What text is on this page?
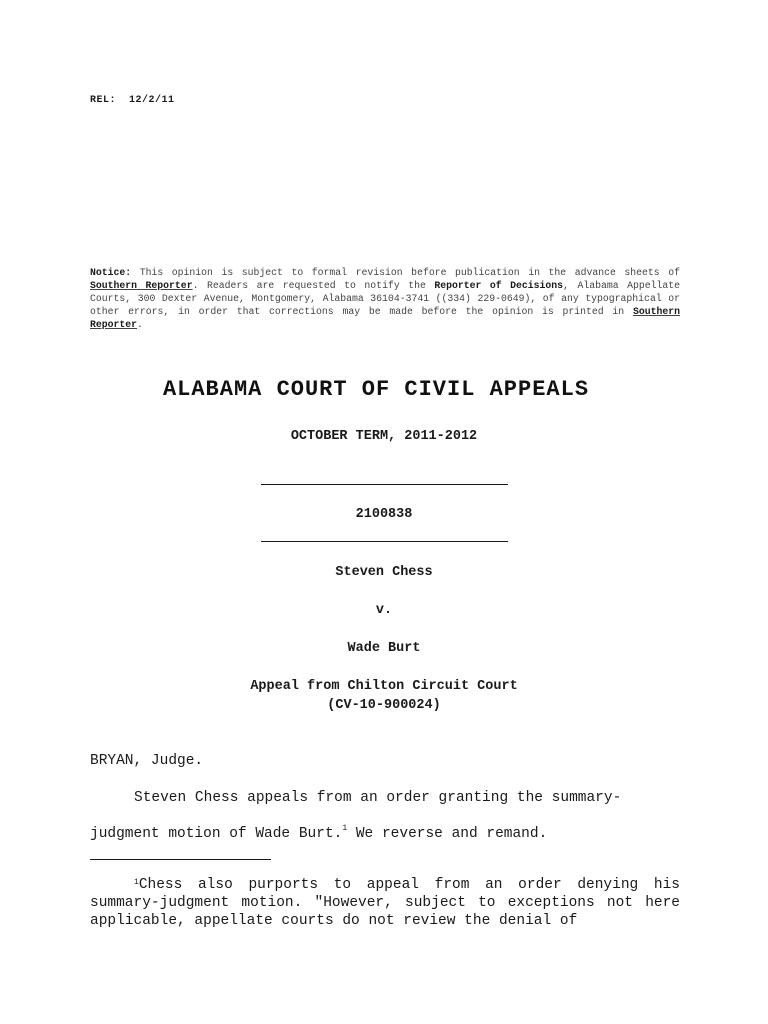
REL: 12/2/11
Notice: This opinion is subject to formal revision before publication in the advance sheets of Southern Reporter. Readers are requested to notify the Reporter of Decisions, Alabama Appellate Courts, 300 Dexter Avenue, Montgomery, Alabama 36104-3741 ((334) 229-0649), of any typographical or other errors, in order that corrections may be made before the opinion is printed in Southern Reporter.
ALABAMA COURT OF CIVIL APPEALS
OCTOBER TERM, 2011-2012
2100838
Steven Chess
v.
Wade Burt
Appeal from Chilton Circuit Court
(CV-10-900024)
BRYAN, Judge.
Steven Chess appeals from an order granting the summary-
judgment motion of Wade Burt.$^1$ We reverse and remand.
$^1$Chess also purports to appeal from an order denying his summary-judgment motion. "However, subject to exceptions not here applicable, appellate courts do not review the denial of
